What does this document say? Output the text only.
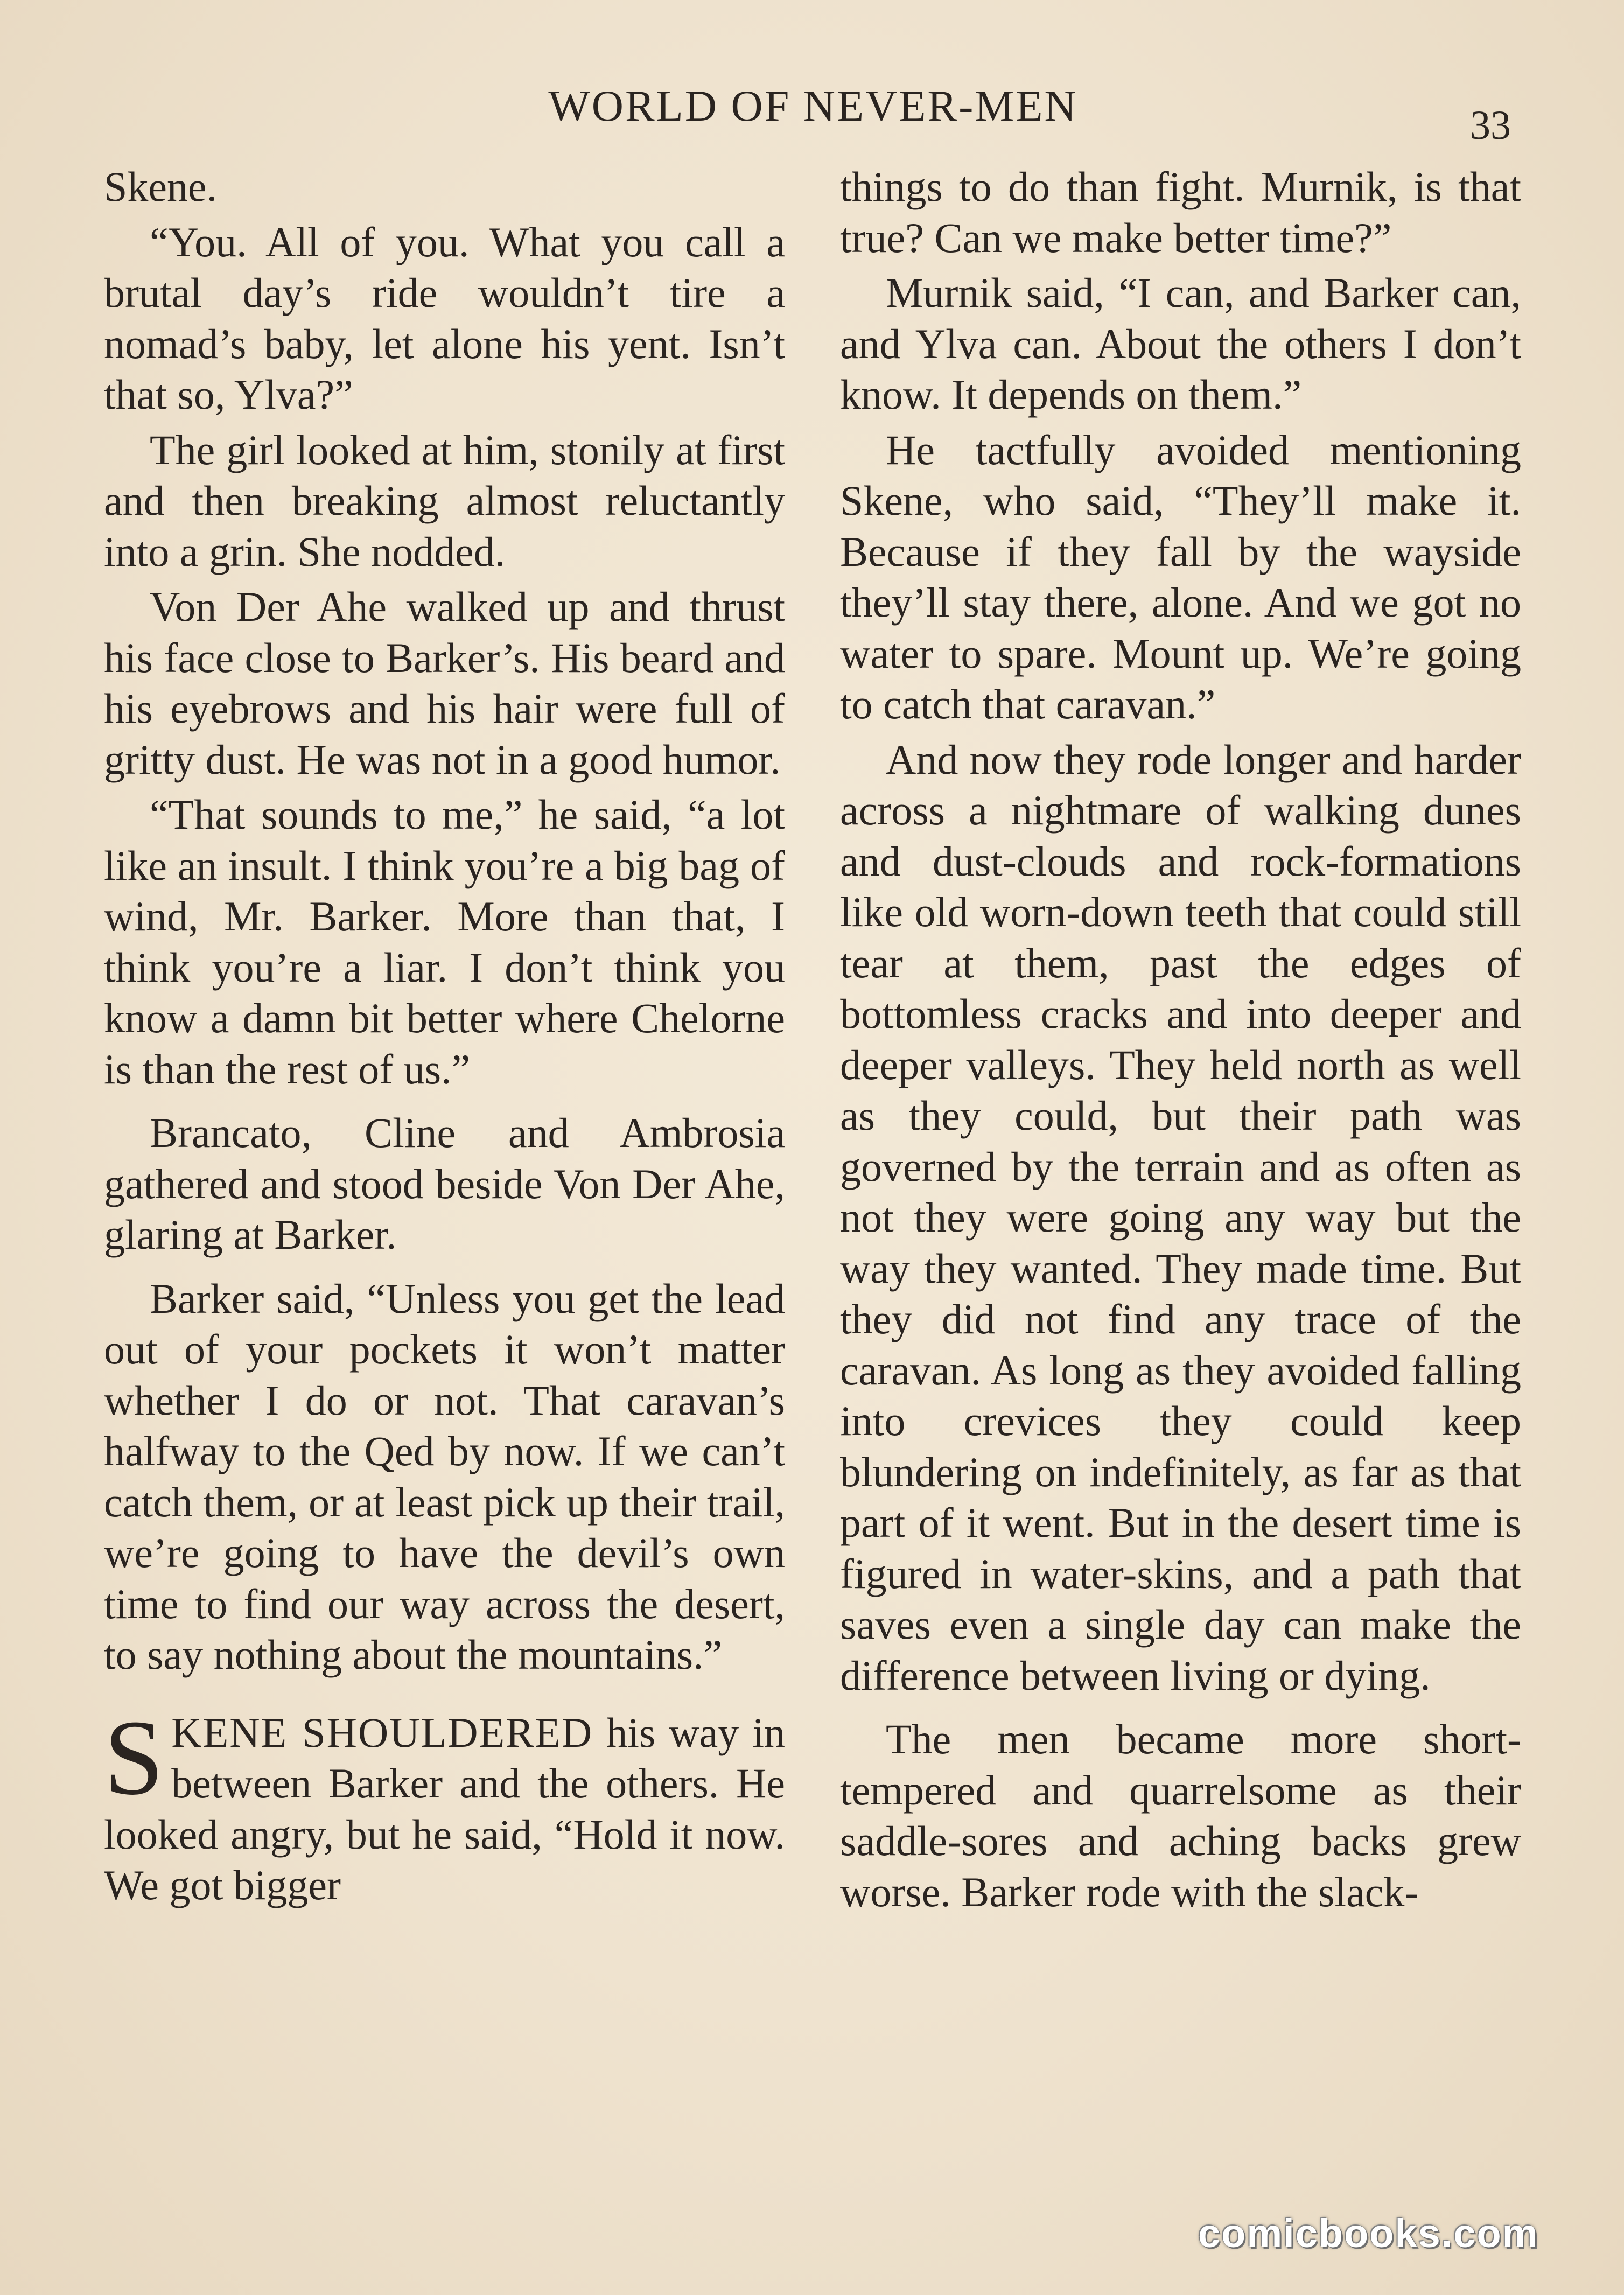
WORLD OF NEVER-MEN	33

Skene.

“You. All of you. What you call a brutal day’s ride wouldn’t tire a nomad’s baby, let alone his yent. Isn’t that so, Ylva?”

The girl looked at him, stonily at first and then breaking almost reluctantly into a grin. She nodded.

Von Der Ahe walked up and thrust his face close to Barker’s. His beard and his eyebrows and his hair were full of gritty dust. He was not in a good humor.

“That sounds to me,” he said, “a lot like an insult. I think you’re a big bag of wind, Mr. Barker. More than that, I think you’re a liar. I don’t think you know a damn bit better where Chelorne is than the rest of us.”

Brancato, Cline and Ambrosia gathered and stood beside Von Der Ahe, glaring at Barker.

Barker said, “Unless you get the lead out of your pockets it won’t matter whether I do or not. That caravan’s halfway to the Qed by now. If we can’t catch them, or at least pick up their trail, we’re going to have the devil’s own time to find our way across the desert, to say nothing about the mountains.”

SKENE SHOULDERED his way in between Barker and the others. He looked angry, but he said, “Hold it now. We got bigger

things to do than fight. Murnik, is that true? Can we make better time?”

Murnik said, “I can, and Barker can, and Ylva can. About the others I don’t know. It depends on them.”

He tactfully avoided mentioning Skene, who said, “They’ll make it. Because if they fall by the wayside they’ll stay there, alone. And we got no water to spare. Mount up. We’re going to catch that caravan.”

And now they rode longer and harder across a nightmare of walking dunes and dust-clouds and rock-formations like old worn-down teeth that could still tear at them, past the edges of bottomless cracks and into deeper and deeper valleys. They held north as well as they could, but their path was governed by the terrain and as often as not they were going any way but the way they wanted. They made time. But they did not find any trace of the caravan. As long as they avoided falling into crevices they could keep blundering on indefinitely, as far as that part of it went. But in the desert time is figured in water-skins, and a path that saves even a single day can make the difference between living or dying.

The men became more short-tempered and quarrelsome as their saddle-sores and aching backs grew worse. Barker rode with the slack-

comicbooks.com
